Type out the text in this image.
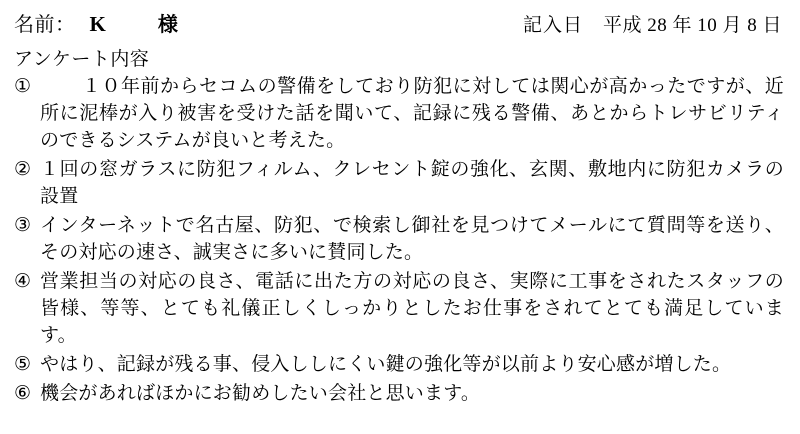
名前： K	様	記入日	平成 28 年 10 月 8 日
アンケート内容
①	１０年前からセコムの警備をしており防犯に対しては関心が高かったですが、近所に泥棒が入り被害を受けた話を聞いて、記録に残る警備、あとからトレサビリティのできるシステムが良いと考えた。
② １回の窓ガラスに防犯フィルム、クレセント錠の強化、玄関、敷地内に防犯カメラの設置
③ インターネットで名古屋、防犯、で検索し御社を見つけてメールにて質問等を送り、その対応の速さ、誠実さに多いに賛同した。
④ 営業担当の対応の良さ、電話に出た方の対応の良さ、実際に工事をされたスタッフの皆様、等等、とても礼儀正しくしっかりとしたお仕事をされてとても満足しています。
⑤ やはり、記録が残る事、侵入ししにくい鍵の強化等が以前より安心感が増した。
⑥ 機会があればほかにお勧めしたい会社と思います。
